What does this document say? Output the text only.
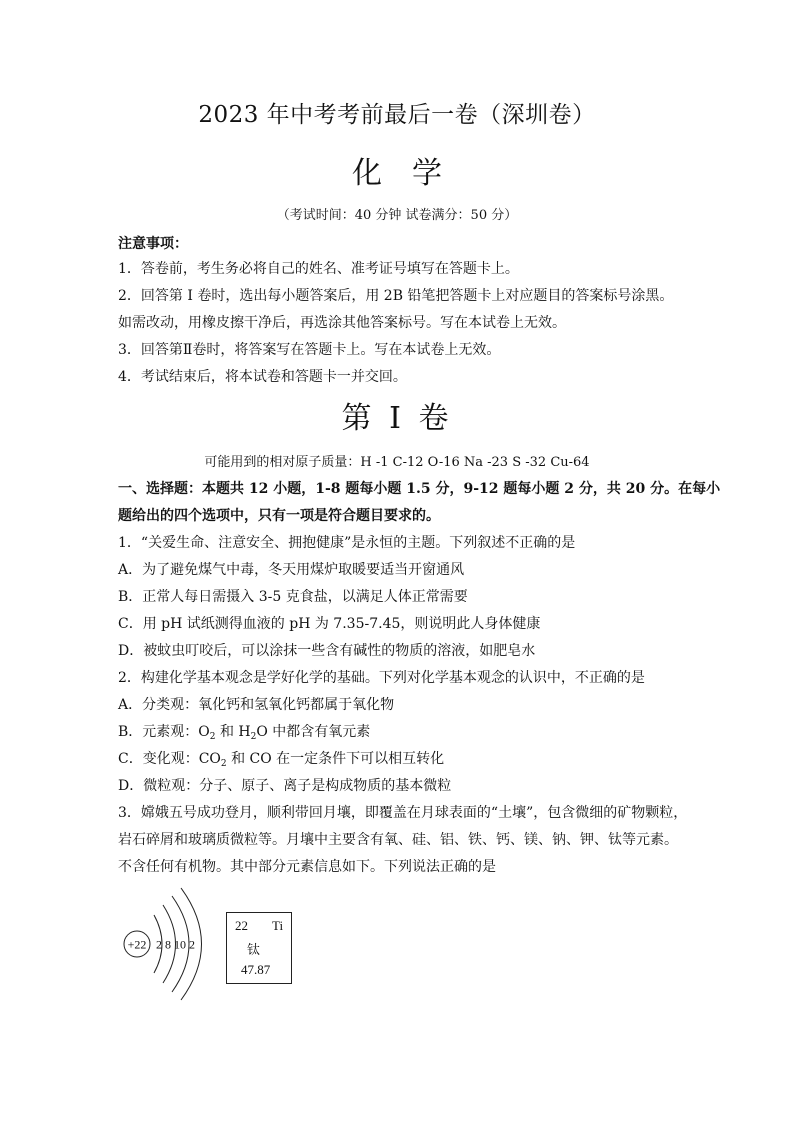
2023 年中考考前最后一卷（深圳卷）
化学
（考试时间：40 分钟 试卷满分：50 分）
注意事项：
1．答卷前，考生务必将自己的姓名、准考证号填写在答题卡上。
2．回答第 I 卷时，选出每小题答案后，用 2B 铅笔把答题卡上对应题目的答案标号涂黑。
如需改动，用橡皮擦干净后，再选涂其他答案标号。写在本试卷上无效。
3．回答第Ⅱ卷时，将答案写在答题卡上。写在本试卷上无效。
4．考试结束后，将本试卷和答题卡一并交回。
第 I 卷
可能用到的相对原子质量：H -1 C-12 O-16 Na -23 S -32 Cu-64
一、选择题：本题共 12 小题，1-8 题每小题 1.5 分，9-12 题每小题 2 分，共 20 分。在每小
题给出的四个选项中，只有一项是符合题目要求的。
1．“关爱生命、注意安全、拥抱健康”是永恒的主题。下列叙述不正确的是
A．为了避免煤气中毒，冬天用煤炉取暖要适当开窗通风
B．正常人每日需摄入 3-5 克食盐，以满足人体正常需要
C．用 pH 试纸测得血液的 pH 为 7.35-7.45，则说明此人身体健康
D．被蚊虫叮咬后，可以涂抹一些含有碱性的物质的溶液，如肥皂水
2．构建化学基本观念是学好化学的基础。下列对化学基本观念的认识中，不正确的是
A．分类观：氧化钙和氢氧化钙都属于氧化物
B．元素观：$O_2$ 和 $H_2O$ 中都含有氧元素
C．变化观：$CO_2$ 和 CO 在一定条件下可以相互转化
D．微粒观：分子、原子、离子是构成物质的基本微粒
3．嫦娥五号成功登月，顺利带回月壤，即覆盖在月球表面的“土壤”，包含微细的矿物颗粒，
岩石碎屑和玻璃质微粒等。月壤中主要含有氧、硅、铝、铁、钙、镁、钠、钾、钛等元素。
不含任何有机物。其中部分元素信息如下。下列说法正确的是
+22 2 8 10 2
22 Ti
钛
47.87
